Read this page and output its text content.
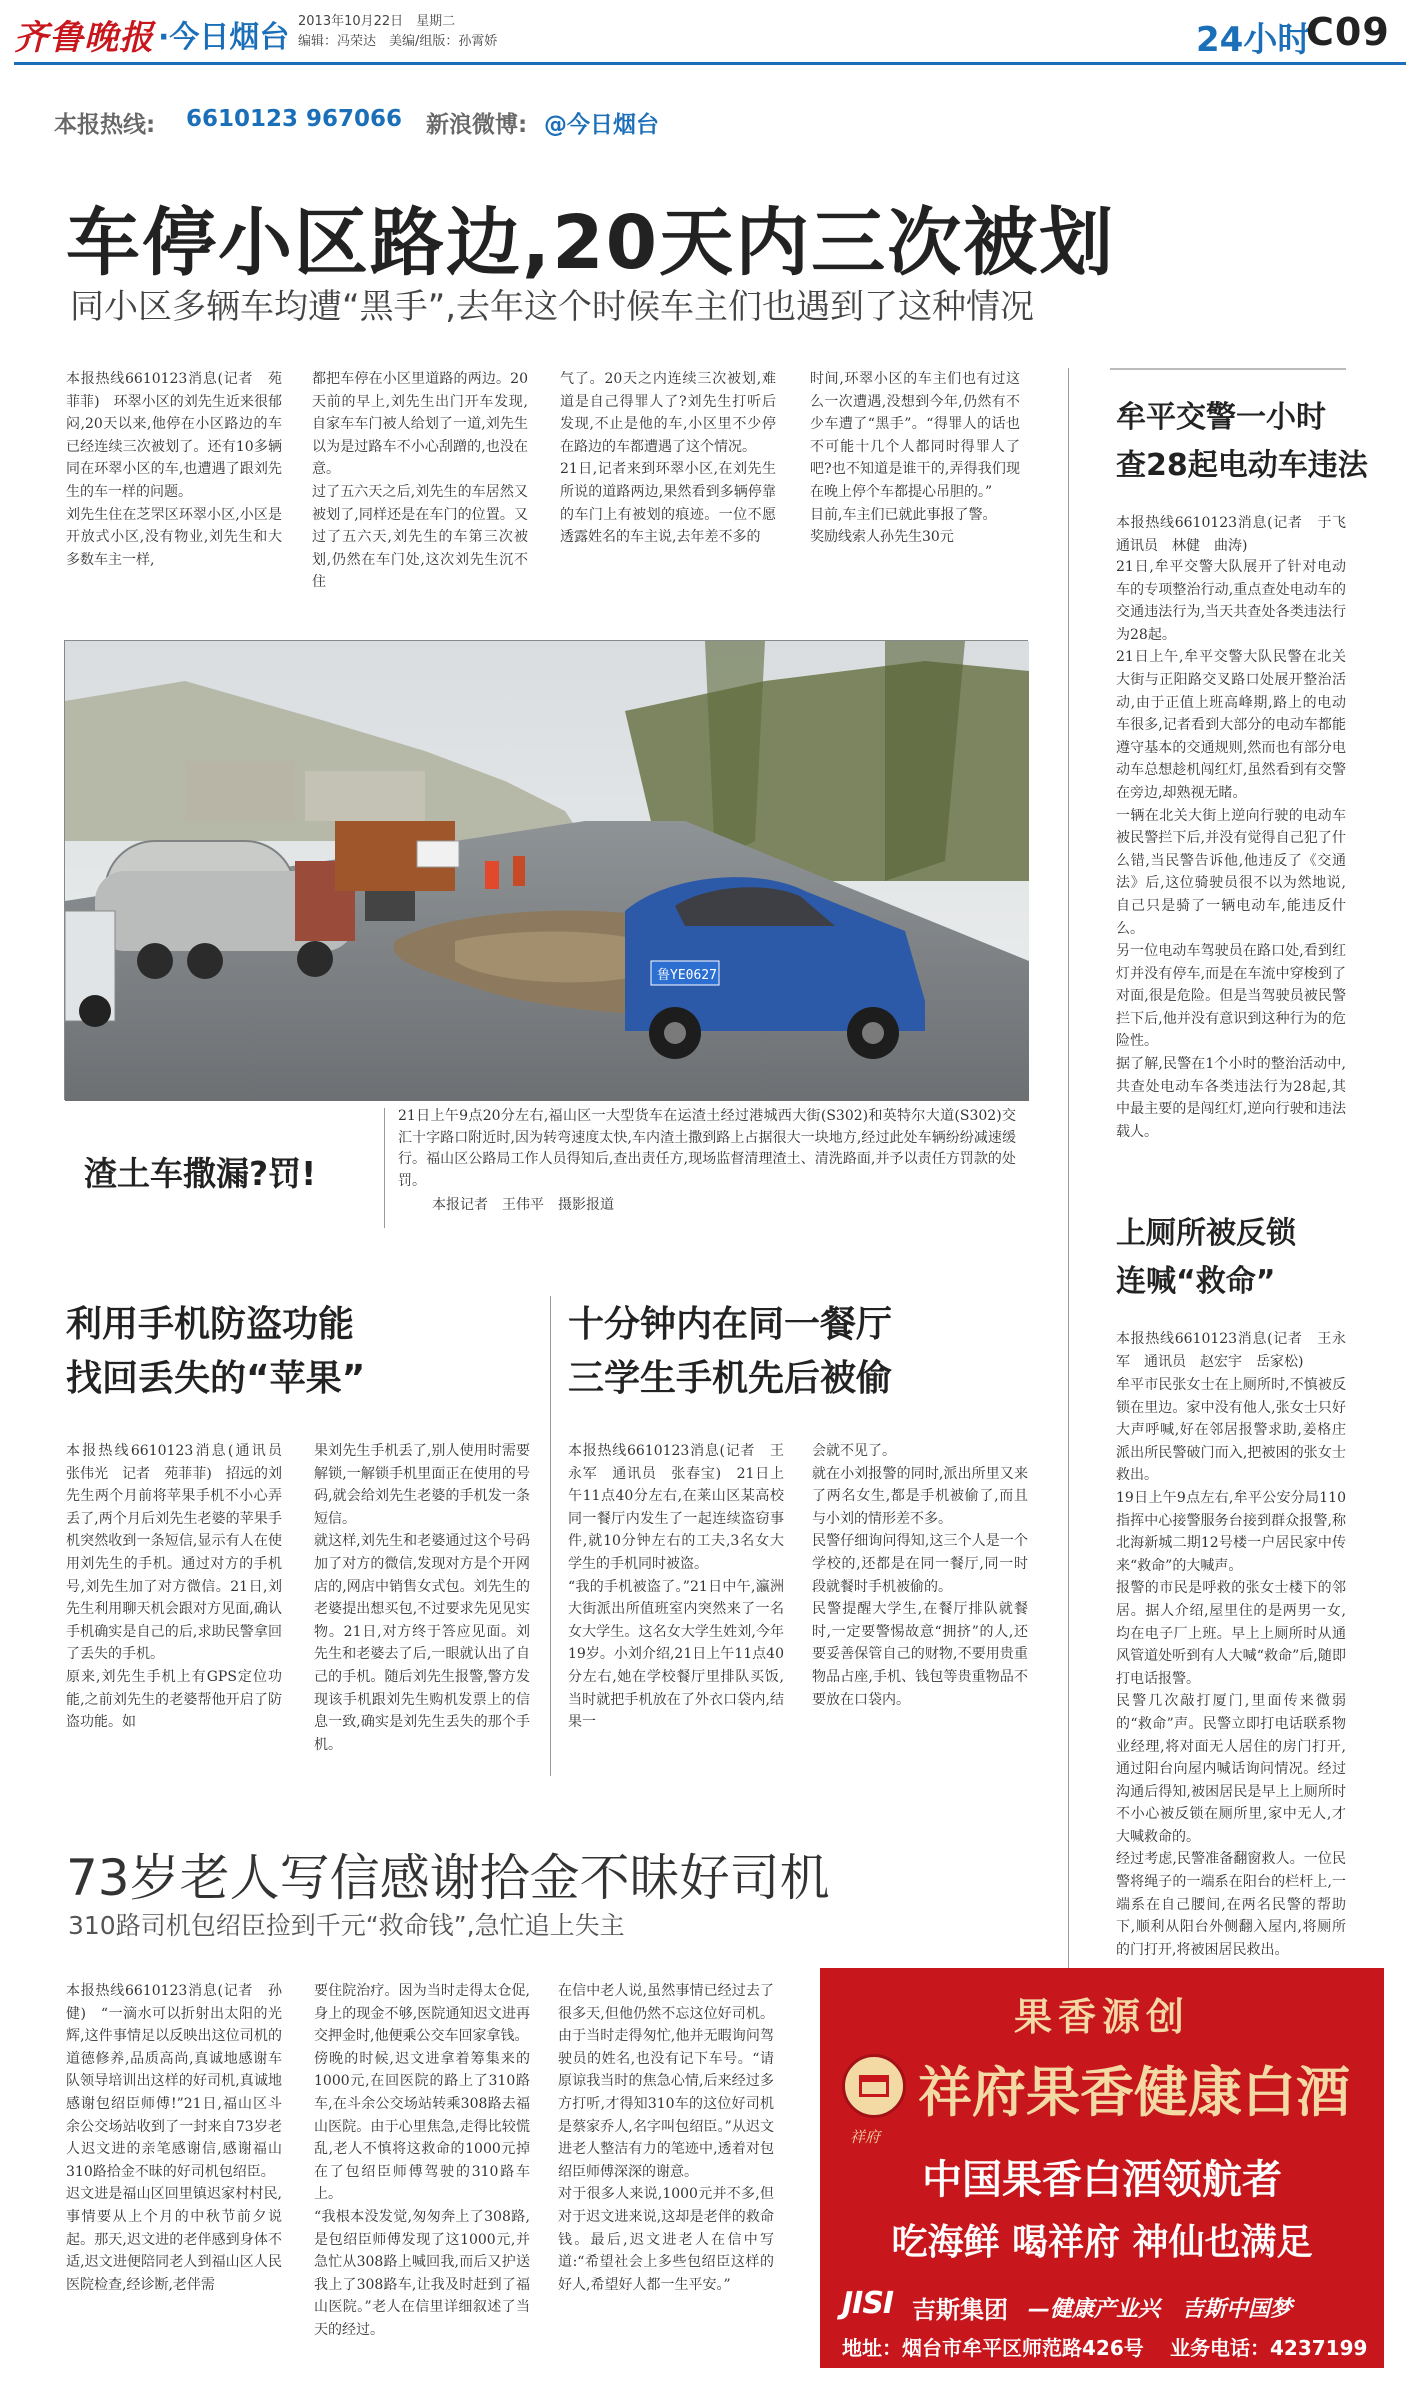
齐鲁晚报 ·今日烟台 2013年10月22日　星期二
编辑：冯荣达　美编/组版：孙霄娇	24小时
C09
本报热线: 6610123 967066 新浪微博: @今日烟台
车停小区路边,20天内三次被划
同小区多辆车均遭“黑手”,去年这个时候车主们也遇到了这种情况
本报热线6610123消息(记者　苑菲菲)　环翠小区的刘先生近来很郁闷,20天以来,他停在小区路边的车已经连续三次被划了。还有10多辆同在环翠小区的车,也遭遇了跟刘先生的车一样的问题。
刘先生住在芝罘区环翠小区,小区是开放式小区,没有物业,刘先生和大多数车主一样,
都把车停在小区里道路的两边。20天前的早上,刘先生出门开车发现,自家车车门被人给划了一道,刘先生以为是过路车不小心刮蹭的,也没在意。
过了五六天之后,刘先生的车居然又被划了,同样还是在车门的位置。又过了五六天,刘先生的车第三次被划,仍然在车门处,这次刘先生沉不住
气了。20天之内连续三次被划,难道是自己得罪人了?刘先生打听后发现,不止是他的车,小区里不少停在路边的车都遭遇了这个情况。
21日,记者来到环翠小区,在刘先生所说的道路两边,果然看到多辆停靠的车门上有被划的痕迹。一位不愿透露姓名的车主说,去年差不多的
时间,环翠小区的车主们也有过这么一次遭遇,没想到今年,仍然有不少车遭了“黑手”。“得罪人的话也不可能十几个人都同时得罪人了吧?也不知道是谁干的,弄得我们现在晚上停个车都提心吊胆的。”
目前,车主们已就此事报了警。
奖励线索人孙先生30元
鲁YE0627
渣土车撒漏?罚!
21日上午9点20分左右,福山区一大型货车在运渣土经过港城西大街(S302)和英特尔大道(S302)交汇十字路口附近时,因为转弯速度太快,车内渣土撒到路上占据很大一块地方,经过此处车辆纷纷减速缓行。福山区公路局工作人员得知后,查出责任方,现场监督清理渣土、清洗路面,并予以责任方罚款的处罚。
本报记者　王伟平　摄影报道
牟平交警一小时
查28起电动车违法
本报热线6610123消息(记者　于飞　通讯员　林健　曲涛)
21日,牟平交警大队展开了针对电动车的专项整治行动,重点查处电动车的交通违法行为,当天共查处各类违法行为28起。
21日上午,牟平交警大队民警在北关大街与正阳路交叉路口处展开整治活动,由于正值上班高峰期,路上的电动车很多,记者看到大部分的电动车都能遵守基本的交通规则,然而也有部分电动车总想趁机闯红灯,虽然看到有交警在旁边,却熟视无睹。
一辆在北关大街上逆向行驶的电动车被民警拦下后,并没有觉得自己犯了什么错,当民警告诉他,他违反了《交通法》后,这位骑驶员很不以为然地说,自己只是骑了一辆电动车,能违反什么。
另一位电动车驾驶员在路口处,看到红灯并没有停车,而是在车流中穿梭到了对面,很是危险。但是当驾驶员被民警拦下后,他并没有意识到这种行为的危险性。
据了解,民警在1个小时的整治活动中,共查处电动车各类违法行为28起,其中最主要的是闯红灯,逆向行驶和违法载人。
上厕所被反锁
连喊“救命”
本报热线6610123消息(记者　王永军　通讯员　赵宏宇　岳家松)
牟平市民张女士在上厕所时,不慎被反锁在里边。家中没有他人,张女士只好大声呼喊,好在邻居报警求助,姜格庄派出所民警破门而入,把被困的张女士救出。
19日上午9点左右,牟平公安分局110指挥中心接警服务台接到群众报警,称北海新城二期12号楼一户居民家中传来“救命”的大喊声。
报警的市民是呼救的张女士楼下的邻居。据人介绍,屋里住的是两男一女,均在电子厂上班。早上上厕所时从通风管道处听到有人大喊“救命”后,随即打电话报警。
民警几次敲打厦门,里面传来微弱的“救命”声。民警立即打电话联系物业经理,将对面无人居住的房门打开,通过阳台向屋内喊话询问情况。经过沟通后得知,被困居民是早上上厕所时不小心被反锁在厕所里,家中无人,才大喊救命的。
经过考虑,民警准备翻窗救人。一位民警将绳子的一端系在阳台的栏杆上,一端系在自己腰间,在两名民警的帮助下,顺利从阳台外侧翻入屋内,将厕所的门打开,将被困居民救出。
利用手机防盗功能
找回丢失的“苹果”
本报热线6610123消息(通讯员　张伟光　记者　苑菲菲)　招远的刘先生两个月前将苹果手机不小心弄丢了,两个月后刘先生老婆的苹果手机突然收到一条短信,显示有人在使用刘先生的手机。通过对方的手机号,刘先生加了对方微信。21日,刘先生利用聊天机会跟对方见面,确认手机确实是自己的后,求助民警拿回了丢失的手机。
原来,刘先生手机上有GPS定位功能,之前刘先生的老婆帮他开启了防盗功能。如
果刘先生手机丢了,别人使用时需要解锁,一解锁手机里面正在使用的号码,就会给刘先生老婆的手机发一条短信。
就这样,刘先生和老婆通过这个号码加了对方的微信,发现对方是个开网店的,网店中销售女式包。刘先生的老婆提出想买包,不过要求先见见实物。21日,对方终于答应见面。刘先生和老婆去了后,一眼就认出了自己的手机。随后刘先生报警,警方发现该手机跟刘先生购机发票上的信息一致,确实是刘先生丢失的那个手机。
十分钟内在同一餐厅
三学生手机先后被偷
本报热线6610123消息(记者　王永军　通讯员　张春宝)　21日上午11点40分左右,在莱山区某高校同一餐厅内发生了一起连续盗窃事件,就10分钟左右的工夫,3名女大学生的手机同时被盗。
“我的手机被盗了。”21日中午,瀛洲大街派出所值班室内突然来了一名女大学生。这名女大学生姓刘,今年19岁。小刘介绍,21日上午11点40分左右,她在学校餐厅里排队买饭,当时就把手机放在了外衣口袋内,结果一
会就不见了。
就在小刘报警的同时,派出所里又来了两名女生,都是手机被偷了,而且与小刘的情形差不多。
民警仔细询问得知,这三个人是一个学校的,还都是在同一餐厅,同一时段就餐时手机被偷的。
民警提醒大学生,在餐厅排队就餐时,一定要警惕故意“拥挤”的人,还要妥善保管自己的财物,不要用贵重物品占座,手机、钱包等贵重物品不要放在口袋内。
73岁老人写信感谢拾金不昧好司机
310路司机包绍臣捡到千元“救命钱”,急忙追上失主
本报热线6610123消息(记者　孙健)　“一滴水可以折射出太阳的光辉,这件事情足以反映出这位司机的道德修养,品质高尚,真诚地感谢车队领导培训出这样的好司机,真诚地感谢包绍臣师傅!”21日,福山区斗余公交场站收到了一封来自73岁老人迟文进的亲笔感谢信,感谢福山310路拾金不昧的好司机包绍臣。
迟文进是福山区回里镇迟家村村民,事情要从上个月的中秋节前夕说起。那天,迟文进的老伴感到身体不适,迟文进便陪同老人到福山区人民医院检查,经诊断,老伴需
要住院治疗。因为当时走得太仓促,身上的现金不够,医院通知迟文进再交押金时,他便乘公交车回家拿钱。
傍晚的时候,迟文进拿着筹集来的1000元,在回医院的路上了310路车,在斗余公交场站转乘308路去福山医院。由于心里焦急,走得比较慌乱,老人不慎将这救命的1000元掉在了包绍臣师傅驾驶的310路车上。
“我根本没发觉,匆匆奔上了308路,是包绍臣师傅发现了这1000元,并急忙从308路上喊回我,而后又护送我上了308路车,让我及时赶到了福山医院。”老人在信里详细叙述了当天的经过。
在信中老人说,虽然事情已经过去了很多天,但他仍然不忘这位好司机。由于当时走得匆忙,他并无暇询问驾驶员的姓名,也没有记下车号。“请原谅我当时的焦急心情,后来经过多方打听,才得知310车的这位好司机是蔡家乔人,名字叫包绍臣。”从迟文进老人整洁有力的笔迹中,透着对包绍臣师傅深深的谢意。
对于很多人来说,1000元并不多,但对于迟文进来说,这却是老伴的救命钱。最后,迟文进老人在信中写道:“希望社会上多些包绍臣这样的好人,希望好人都一生平安。”
果香源创
祥府
祥府果香健康白酒
中国果香白酒领航者
吃海鲜 喝祥府 神仙也满足
JISI 吉斯集团 —健康产业兴　吉斯中国梦
地址：烟台市牟平区师范路426号 业务电话：4237199
